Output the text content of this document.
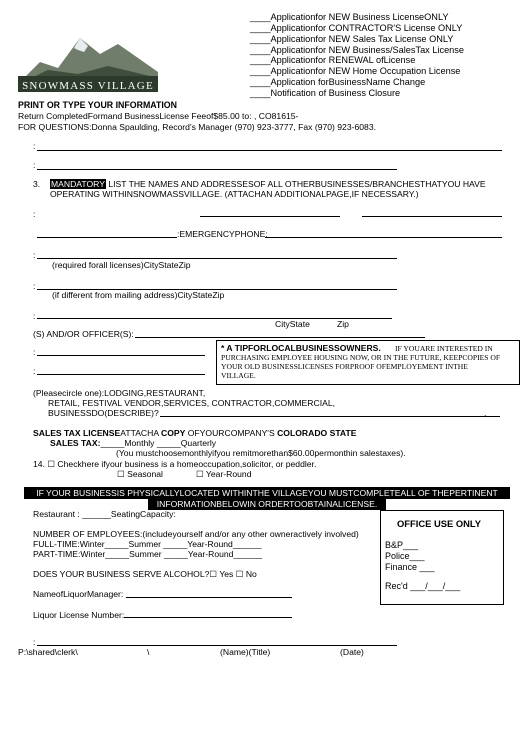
SNOWMASS VILLAGE
____Applicationfor NEW Business LicenseONLY
____Applicationfor CONTRACTOR'S License ONLY
____Applicationfor NEW Sales Tax License ONLY
____Applicationfor NEW Business/SalesTax License
____Applicationfor RENEWAL ofLicense
____Applicationfor NEW Home Occupation License
____Application forBusinessName Change
____Notification of Business Closure
PRINT OR TYPE YOUR INFORMATION
Return CompletedFormand BusinessLicense Feeof$85.00 to: , CO81615-
FOR QUESTIONS:Donna Spaulding, Record's Manager (970) 923-3777, Fax (970) 923-6083.
:
:
3. MANDATORY LIST THE NAMES AND ADDRESSESOF ALL OTHERBUSINESSES/BRANCHESTHATYOU HAVE
OPERATING WITHINSNOWMASSVILLAGE. (ATTACHAN ADDITIONALPAGE,IF NECESSARY.)
:
:EMERGENCYPHONE:
:
(required forall licenses)CityStateZip
:
(if different from mailing address)CityStateZip
:
CityState	Zip
(S) AND/OR OFFICER(S):
:
:
* A TIPFORLOCALBUSINESSOWNERS. IF YOUARE INTERESTED IN
PURCHASING EMPLOYEE HOUSING NOW, OR IN THE FUTURE, KEEPCOPIES OF
YOUR OLD BUSINESSLICENSES FORPROOF OFEMPLOYEMENT INTHE
VILLAGE.
(Pleasecircle one):LODGING,RESTAURANT,
RETAIL, FESTIVAL VENDOR,SERVICES, CONTRACTOR,COMMERCIAL,
BUSINESSDO(DESCRIBE)?	.
SALES TAX LICENSEATTACHA COPY OFYOURCOMPANY'S COLORADO STATE
SALES TAX:_____Monthly _____Quarterly
(You mustchoosemonthlyifyou remitmorethan$60.00permonthin salestaxes).
14. ☐ Checkhere ifyour business is a homeoccupation,solicitor, or peddler.
☐ Seasonal	☐ Year-Round
IF YOUR BUSINESSIS PHYSICALLYLOCATED WITHINTHE VILLAGEYOU MUSTCOMPLETEALL OF THEPERTINENT
INFORMATIONBELOWIN ORDERTOOBTAINALICENSE.
Restaurant : ______SeatingCapacity:
NUMBER OF EMPLOYEES:(includeyourself and/or any other owneractively involved)
FULL-TIME:Winter_____Summer _____Year-Round______
PART-TIME:Winter_____Summer _____Year-Round______
DOES YOUR BUSINESS SERVE ALCOHOL?☐ Yes ☐ No
NameofLiquorManager:
Liquor License Number:
OFFICE USE ONLY
B&P___
Police___
Finance ___
Rec'd ___/___/___
:
P:\shared\clerk\	\	(Name)(Title)	(Date)
